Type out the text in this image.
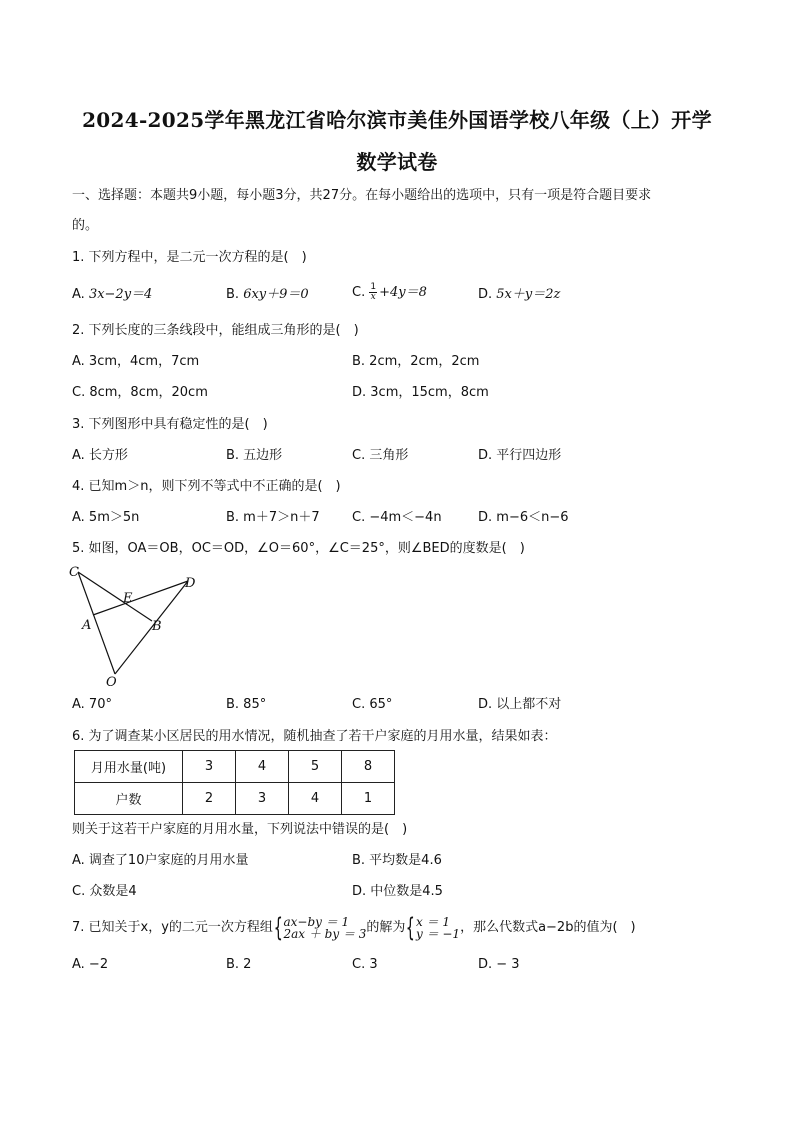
2024-2025学年黑龙江省哈尔滨市美佳外国语学校八年级（上）开学
数学试卷
一、选择题：本题共9小题，每小题3分，共27分。在每小题给出的选项中，只有一项是符合题目要求
的。
1. 下列方程中，是二元一次方程的是(　)
A. 3x−2y＝4	B. 6xy＋9＝0	C. $\frac{1}{x} +4y=8$	D. 5x＋y＝2z
2. 下列长度的三条线段中，能组成三角形的是(　)
A. 3cm，4cm，7cm	B. 2cm，2cm，2cm
C. 8cm，8cm，20cm	D. 3cm，15cm，8cm
3. 下列图形中具有稳定性的是(　)
A. 长方形	B. 五边形	C. 三角形	D. 平行四边形
4. 已知m＞n，则下列不等式中不正确的是(　)
A. 5m＞5n	B. m＋7＞n＋7 C. −4m＜−4n	D. m−6＜n−6
5. 如图，OA＝OB，OC＝OD，∠O＝60°，∠C＝25°，则∠BED的度数是(　)
C
D
E
A	B
O
A. 70°	B. 85°	C. 65°	D. 以上都不对
6. 为了调查某小区居民的用水情况，随机抽查了若干户家庭的月用水量，结果如表：
月用水量(吨)	3	4	5	8
户数	2	3	4	1
则关于这若干户家庭的月用水量，下列说法中错误的是(　)
A. 调查了10户家庭的月用水量	B. 平均数是4.6
C. 众数是4	D. 中位数是4.5
7. 已知关于x，y的二元一次方程组{ ax−by ＝ 1
2ax ＋ by ＝ 3 的解为{ x ＝ 1
y ＝ −1 ，那么代数式a−2b的值为(　)
A. −2	B. 2	C. 3	D. − 3
